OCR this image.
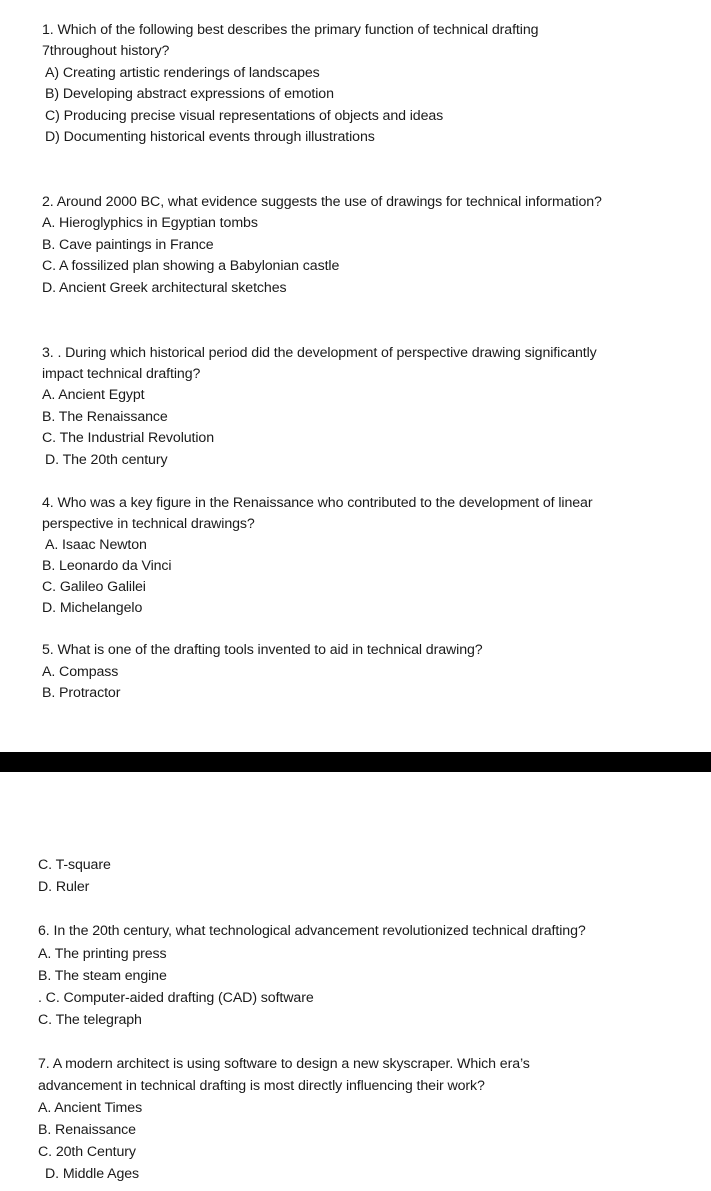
1. Which of the following best describes the primary function of technical drafting
7throughout history?
A) Creating artistic renderings of landscapes
B) Developing abstract expressions of emotion
C) Producing precise visual representations of objects and ideas
D) Documenting historical events through illustrations
2. Around 2000 BC, what evidence suggests the use of drawings for technical information?
A. Hieroglyphics in Egyptian tombs
B. Cave paintings in France
C. A fossilized plan showing a Babylonian castle
D. Ancient Greek architectural sketches
3. . During which historical period did the development of perspective drawing significantly
impact technical drafting?
A. Ancient Egypt
B. The Renaissance
C. The Industrial Revolution
D. The 20th century
4. Who was a key figure in the Renaissance who contributed to the development of linear
perspective in technical drawings?
A. Isaac Newton
B. Leonardo da Vinci
C. Galileo Galilei
D. Michelangelo
5. What is one of the drafting tools invented to aid in technical drawing?
A. Compass
B. Protractor
C. T-square
D. Ruler
6. In the 20th century, what technological advancement revolutionized technical drafting?
A. The printing press
B. The steam engine
. C. Computer-aided drafting (CAD) software
C. The telegraph
7. A modern architect is using software to design a new skyscraper. Which era’s
advancement in technical drafting is most directly influencing their work?
A. Ancient Times
B. Renaissance
C. 20th Century
D. Middle Ages
